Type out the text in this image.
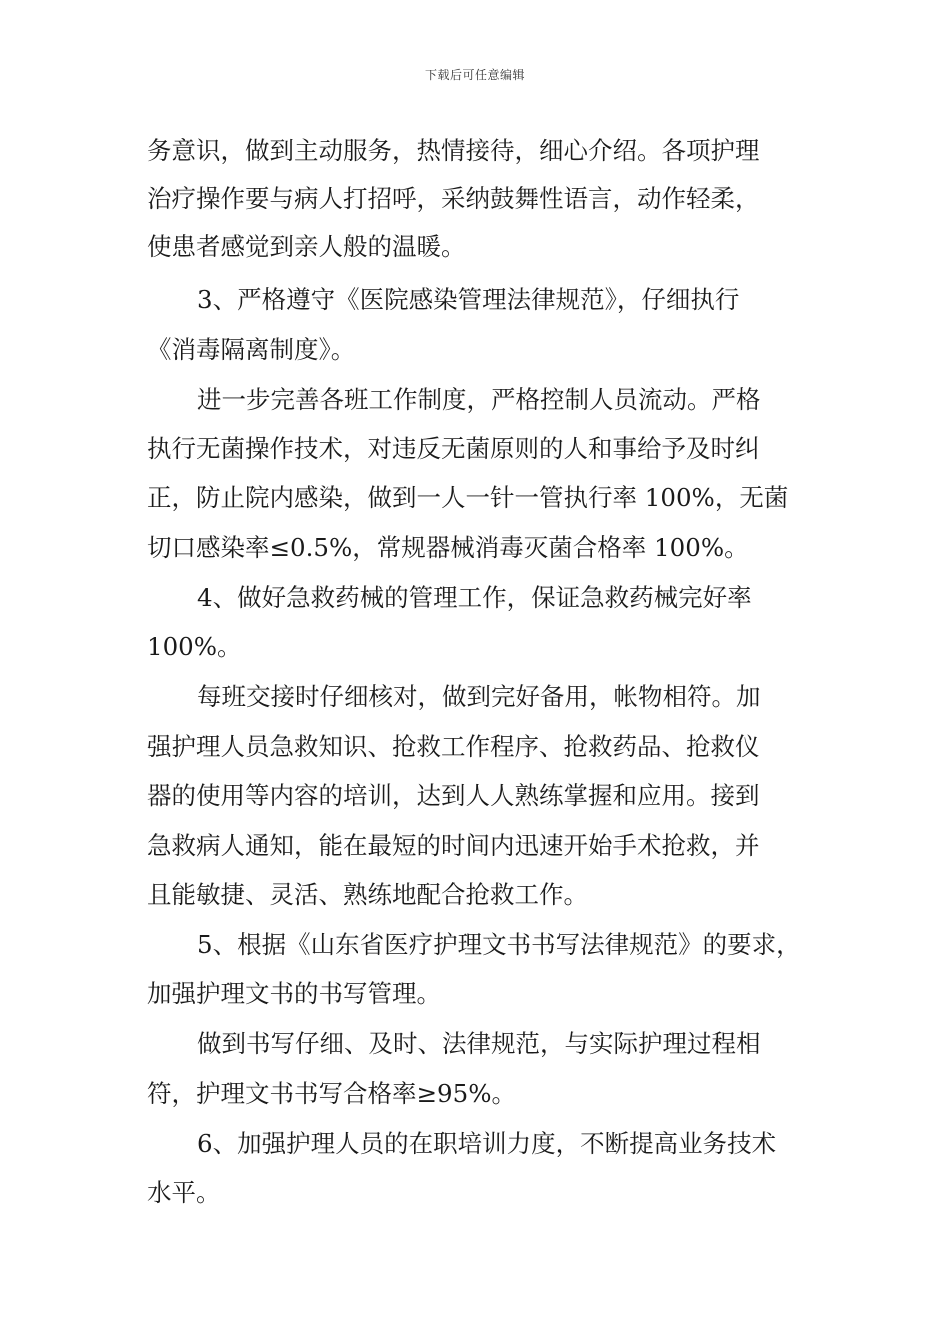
下载后可任意编辑
务意识，做到主动服务，热情接待，细心介绍。各项护理
治疗操作要与病人打招呼，采纳鼓舞性语言，动作轻柔，
使患者感觉到亲人般的温暖。
3、严格遵守《医院感染管理法律规范》，仔细执行
《消毒隔离制度》。
进一步完善各班工作制度，严格控制人员流动。严格
执行无菌操作技术，对违反无菌原则的人和事给予及时纠
正，防止院内感染，做到一人一针一管执行率 100%，无菌
切口感染率≤0.5%，常规器械消毒灭菌合格率 100%。
4、做好急救药械的管理工作，保证急救药械完好率
100%。
每班交接时仔细核对，做到完好备用，帐物相符。加
强护理人员急救知识、抢救工作程序、抢救药品、抢救仪
器的使用等内容的培训，达到人人熟练掌握和应用。接到
急救病人通知，能在最短的时间内迅速开始手术抢救，并
且能敏捷、灵活、熟练地配合抢救工作。
5、根据《山东省医疗护理文书书写法律规范》的要求，
加强护理文书的书写管理。
做到书写仔细、及时、法律规范，与实际护理过程相
符，护理文书书写合格率≥95%。
6、加强护理人员的在职培训力度，不断提高业务技术
水平。
